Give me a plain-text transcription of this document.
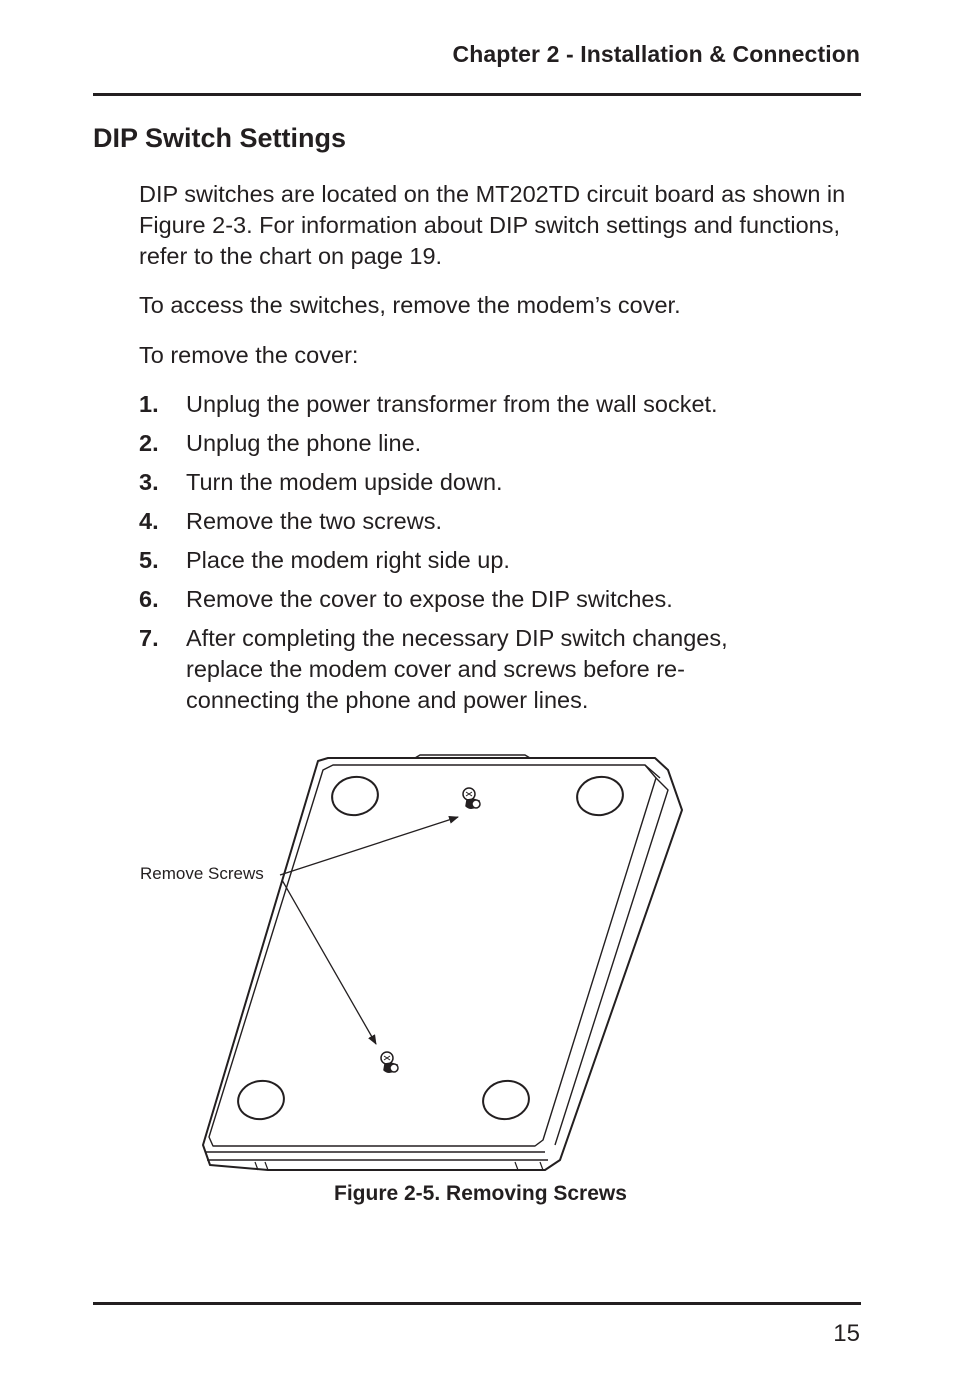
Chapter 2 - Installation & Connection
DIP Switch Settings

DIP switches are located on the MT202TD circuit board as shown in Figure 2-3. For information about DIP switch settings and functions, refer to the chart on page 19.

To access the switches, remove the modem’s cover.

To remove the cover:

1.	Unplug the power transformer from the wall socket.
2.	Unplug the phone line.
3.	Turn the modem upside down.
4.	Remove the two screws.
5.	Place the modem right side up.
6.	Remove the cover to expose the DIP switches.
7.	After completing the necessary DIP switch changes, replace the modem cover and screws before re-connecting the phone and power lines.
Remove Screws
Figure 2-5. Removing Screws
15
